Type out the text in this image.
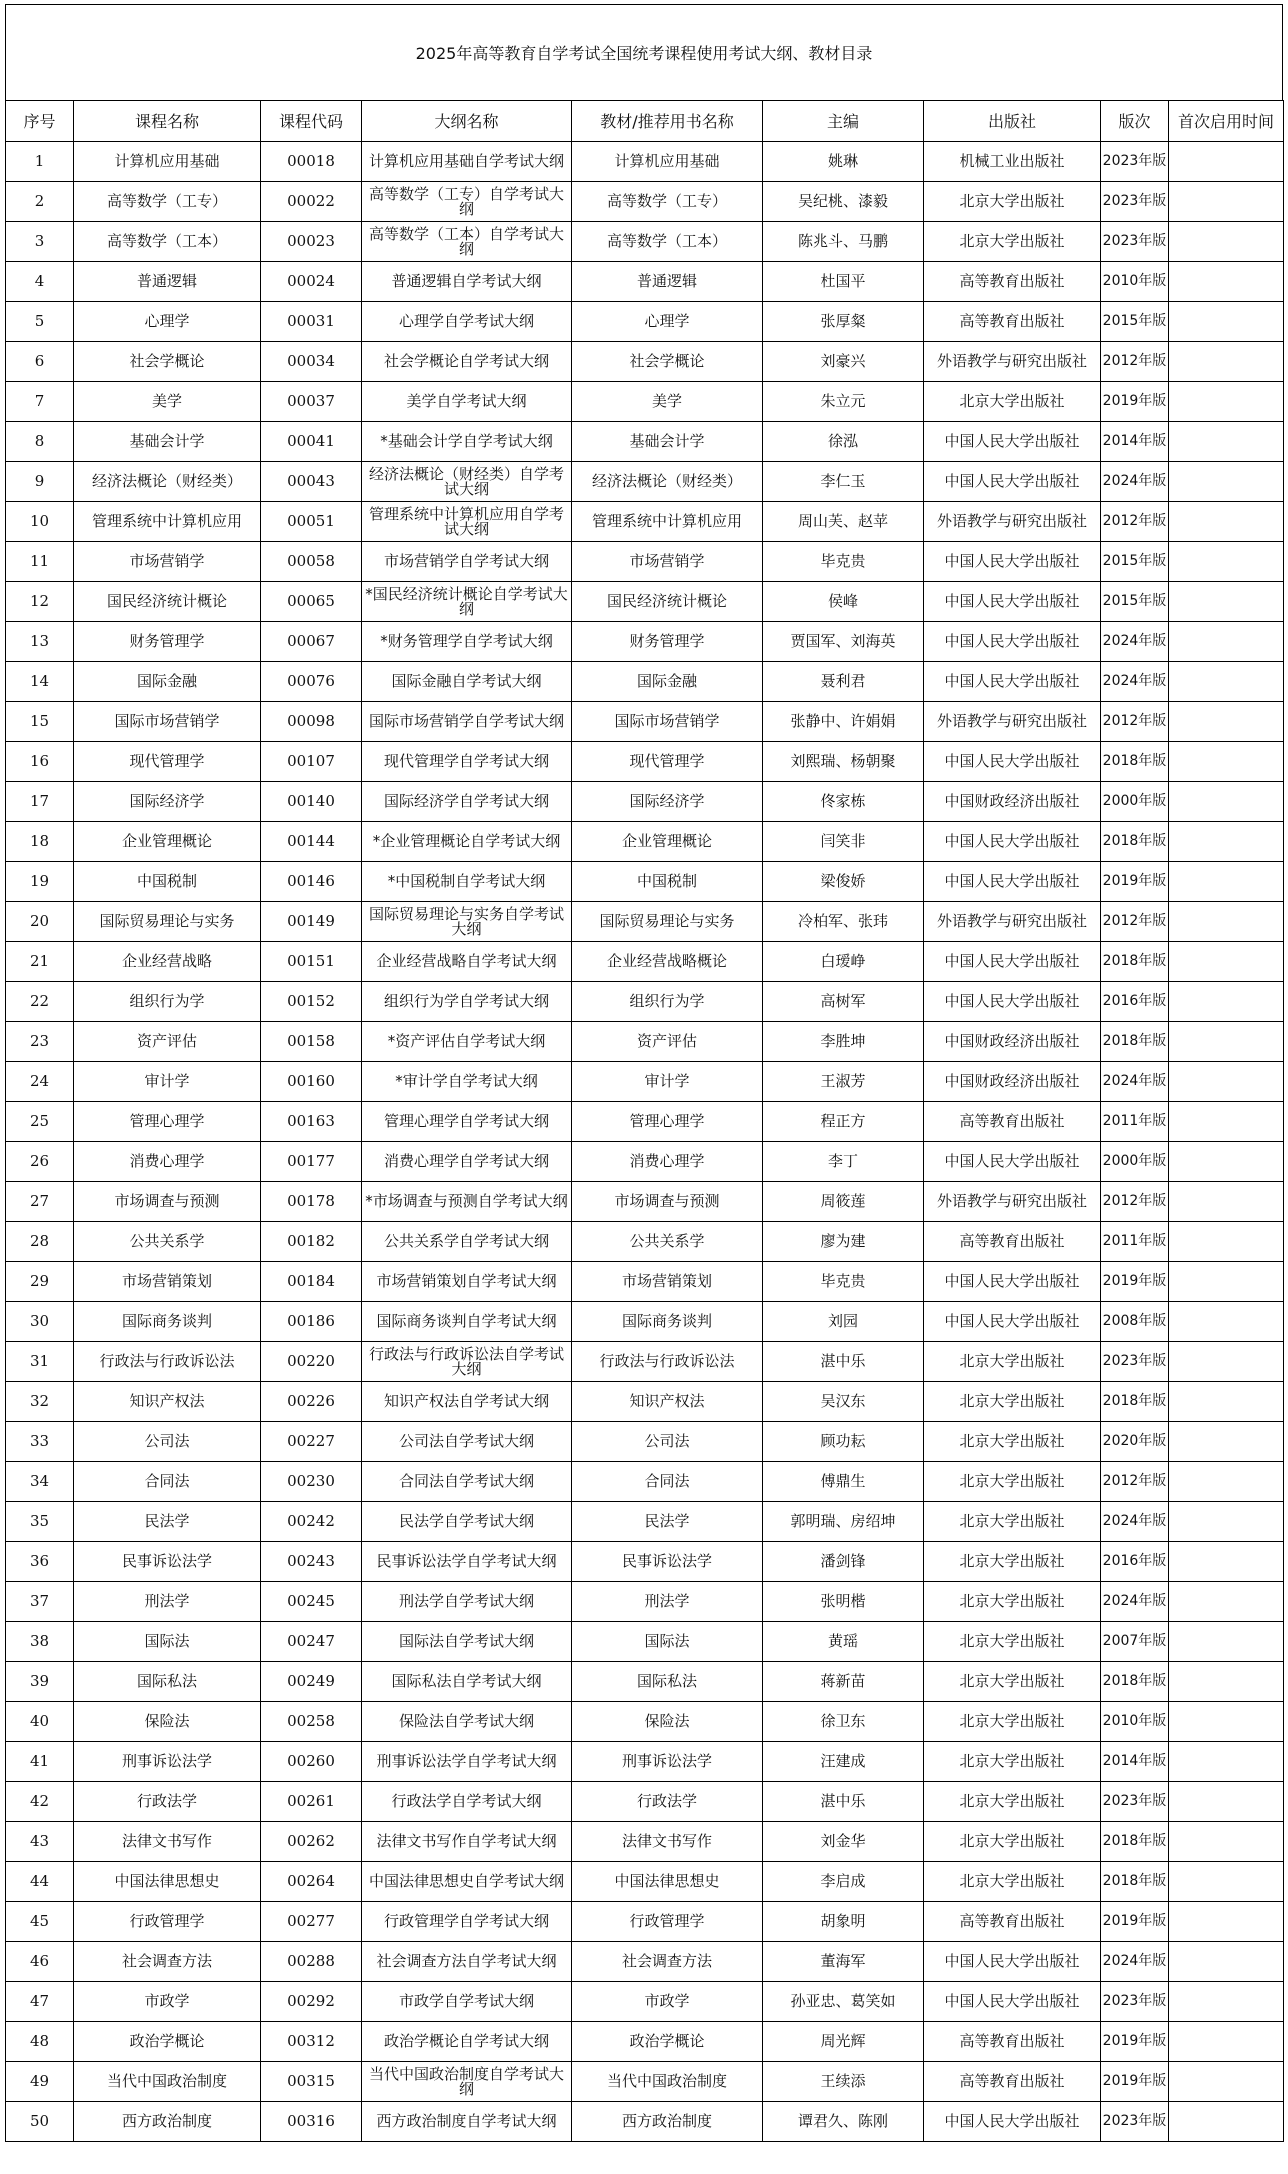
2025年高等教育自学考试全国统考课程使用考试大纲、教材目录
序号	课程名称	课程代码	大纲名称	教材/推荐用书名称	主编	出版社	版次	首次启用时间
1	计算机应用基础	00018	计算机应用基础自学考试大纲	计算机应用基础	姚琳	机械工业出版社	2023年版	
2	高等数学（工专）	00022	高等数学（工专）自学考试大纲	高等数学（工专）	吴纪桃、漆毅	北京大学出版社	2023年版	
3	高等数学（工本）	00023	高等数学（工本）自学考试大纲	高等数学（工本）	陈兆斗、马鹏	北京大学出版社	2023年版	
4	普通逻辑	00024	普通逻辑自学考试大纲	普通逻辑	杜国平	高等教育出版社	2010年版	
5	心理学	00031	心理学自学考试大纲	心理学	张厚粲	高等教育出版社	2015年版	
6	社会学概论	00034	社会学概论自学考试大纲	社会学概论	刘豪兴	外语教学与研究出版社	2012年版	
7	美学	00037	美学自学考试大纲	美学	朱立元	北京大学出版社	2019年版	
8	基础会计学	00041	*基础会计学自学考试大纲	基础会计学	徐泓	中国人民大学出版社	2014年版	
9	经济法概论（财经类）	00043	经济法概论（财经类）自学考试大纲	经济法概论（财经类）	李仁玉	中国人民大学出版社	2024年版	
10	管理系统中计算机应用	00051	管理系统中计算机应用自学考试大纲	管理系统中计算机应用	周山芙、赵苹	外语教学与研究出版社	2012年版	
11	市场营销学	00058	市场营销学自学考试大纲	市场营销学	毕克贵	中国人民大学出版社	2015年版	
12	国民经济统计概论	00065	*国民经济统计概论自学考试大纲	国民经济统计概论	侯峰	中国人民大学出版社	2015年版	
13	财务管理学	00067	*财务管理学自学考试大纲	财务管理学	贾国军、刘海英	中国人民大学出版社	2024年版	
14	国际金融	00076	国际金融自学考试大纲	国际金融	聂利君	中国人民大学出版社	2024年版	
15	国际市场营销学	00098	国际市场营销学自学考试大纲	国际市场营销学	张静中、许娟娟	外语教学与研究出版社	2012年版	
16	现代管理学	00107	现代管理学自学考试大纲	现代管理学	刘熙瑞、杨朝聚	中国人民大学出版社	2018年版	
17	国际经济学	00140	国际经济学自学考试大纲	国际经济学	佟家栋	中国财政经济出版社	2000年版	
18	企业管理概论	00144	*企业管理概论自学考试大纲	企业管理概论	闫笑非	中国人民大学出版社	2018年版	
19	中国税制	00146	*中国税制自学考试大纲	中国税制	梁俊娇	中国人民大学出版社	2019年版	
20	国际贸易理论与实务	00149	国际贸易理论与实务自学考试大纲	国际贸易理论与实务	冷柏军、张玮	外语教学与研究出版社	2012年版	
21	企业经营战略	00151	企业经营战略自学考试大纲	企业经营战略概论	白瑷峥	中国人民大学出版社	2018年版	
22	组织行为学	00152	组织行为学自学考试大纲	组织行为学	高树军	中国人民大学出版社	2016年版	
23	资产评估	00158	*资产评估自学考试大纲	资产评估	李胜坤	中国财政经济出版社	2018年版	
24	审计学	00160	*审计学自学考试大纲	审计学	王淑芳	中国财政经济出版社	2024年版	
25	管理心理学	00163	管理心理学自学考试大纲	管理心理学	程正方	高等教育出版社	2011年版	
26	消费心理学	00177	消费心理学自学考试大纲	消费心理学	李丁	中国人民大学出版社	2000年版	
27	市场调查与预测	00178	*市场调查与预测自学考试大纲	市场调查与预测	周筱莲	外语教学与研究出版社	2012年版	
28	公共关系学	00182	公共关系学自学考试大纲	公共关系学	廖为建	高等教育出版社	2011年版	
29	市场营销策划	00184	市场营销策划自学考试大纲	市场营销策划	毕克贵	中国人民大学出版社	2019年版	
30	国际商务谈判	00186	国际商务谈判自学考试大纲	国际商务谈判	刘园	中国人民大学出版社	2008年版	
31	行政法与行政诉讼法	00220	行政法与行政诉讼法自学考试大纲	行政法与行政诉讼法	湛中乐	北京大学出版社	2023年版	
32	知识产权法	00226	知识产权法自学考试大纲	知识产权法	吴汉东	北京大学出版社	2018年版	
33	公司法	00227	公司法自学考试大纲	公司法	顾功耘	北京大学出版社	2020年版	
34	合同法	00230	合同法自学考试大纲	合同法	傅鼎生	北京大学出版社	2012年版	
35	民法学	00242	民法学自学考试大纲	民法学	郭明瑞、房绍坤	北京大学出版社	2024年版	
36	民事诉讼法学	00243	民事诉讼法学自学考试大纲	民事诉讼法学	潘剑锋	北京大学出版社	2016年版	
37	刑法学	00245	刑法学自学考试大纲	刑法学	张明楷	北京大学出版社	2024年版	
38	国际法	00247	国际法自学考试大纲	国际法	黄瑶	北京大学出版社	2007年版	
39	国际私法	00249	国际私法自学考试大纲	国际私法	蒋新苗	北京大学出版社	2018年版	
40	保险法	00258	保险法自学考试大纲	保险法	徐卫东	北京大学出版社	2010年版	
41	刑事诉讼法学	00260	刑事诉讼法学自学考试大纲	刑事诉讼法学	汪建成	北京大学出版社	2014年版	
42	行政法学	00261	行政法学自学考试大纲	行政法学	湛中乐	北京大学出版社	2023年版	
43	法律文书写作	00262	法律文书写作自学考试大纲	法律文书写作	刘金华	北京大学出版社	2018年版	
44	中国法律思想史	00264	中国法律思想史自学考试大纲	中国法律思想史	李启成	北京大学出版社	2018年版	
45	行政管理学	00277	行政管理学自学考试大纲	行政管理学	胡象明	高等教育出版社	2019年版	
46	社会调查方法	00288	社会调查方法自学考试大纲	社会调查方法	董海军	中国人民大学出版社	2024年版	
47	市政学	00292	市政学自学考试大纲	市政学	孙亚忠、葛笑如	中国人民大学出版社	2023年版	
48	政治学概论	00312	政治学概论自学考试大纲	政治学概论	周光辉	高等教育出版社	2019年版	
49	当代中国政治制度	00315	当代中国政治制度自学考试大纲	当代中国政治制度	王续添	高等教育出版社	2019年版	
50	西方政治制度	00316	西方政治制度自学考试大纲	西方政治制度	谭君久、陈刚	中国人民大学出版社	2023年版	
